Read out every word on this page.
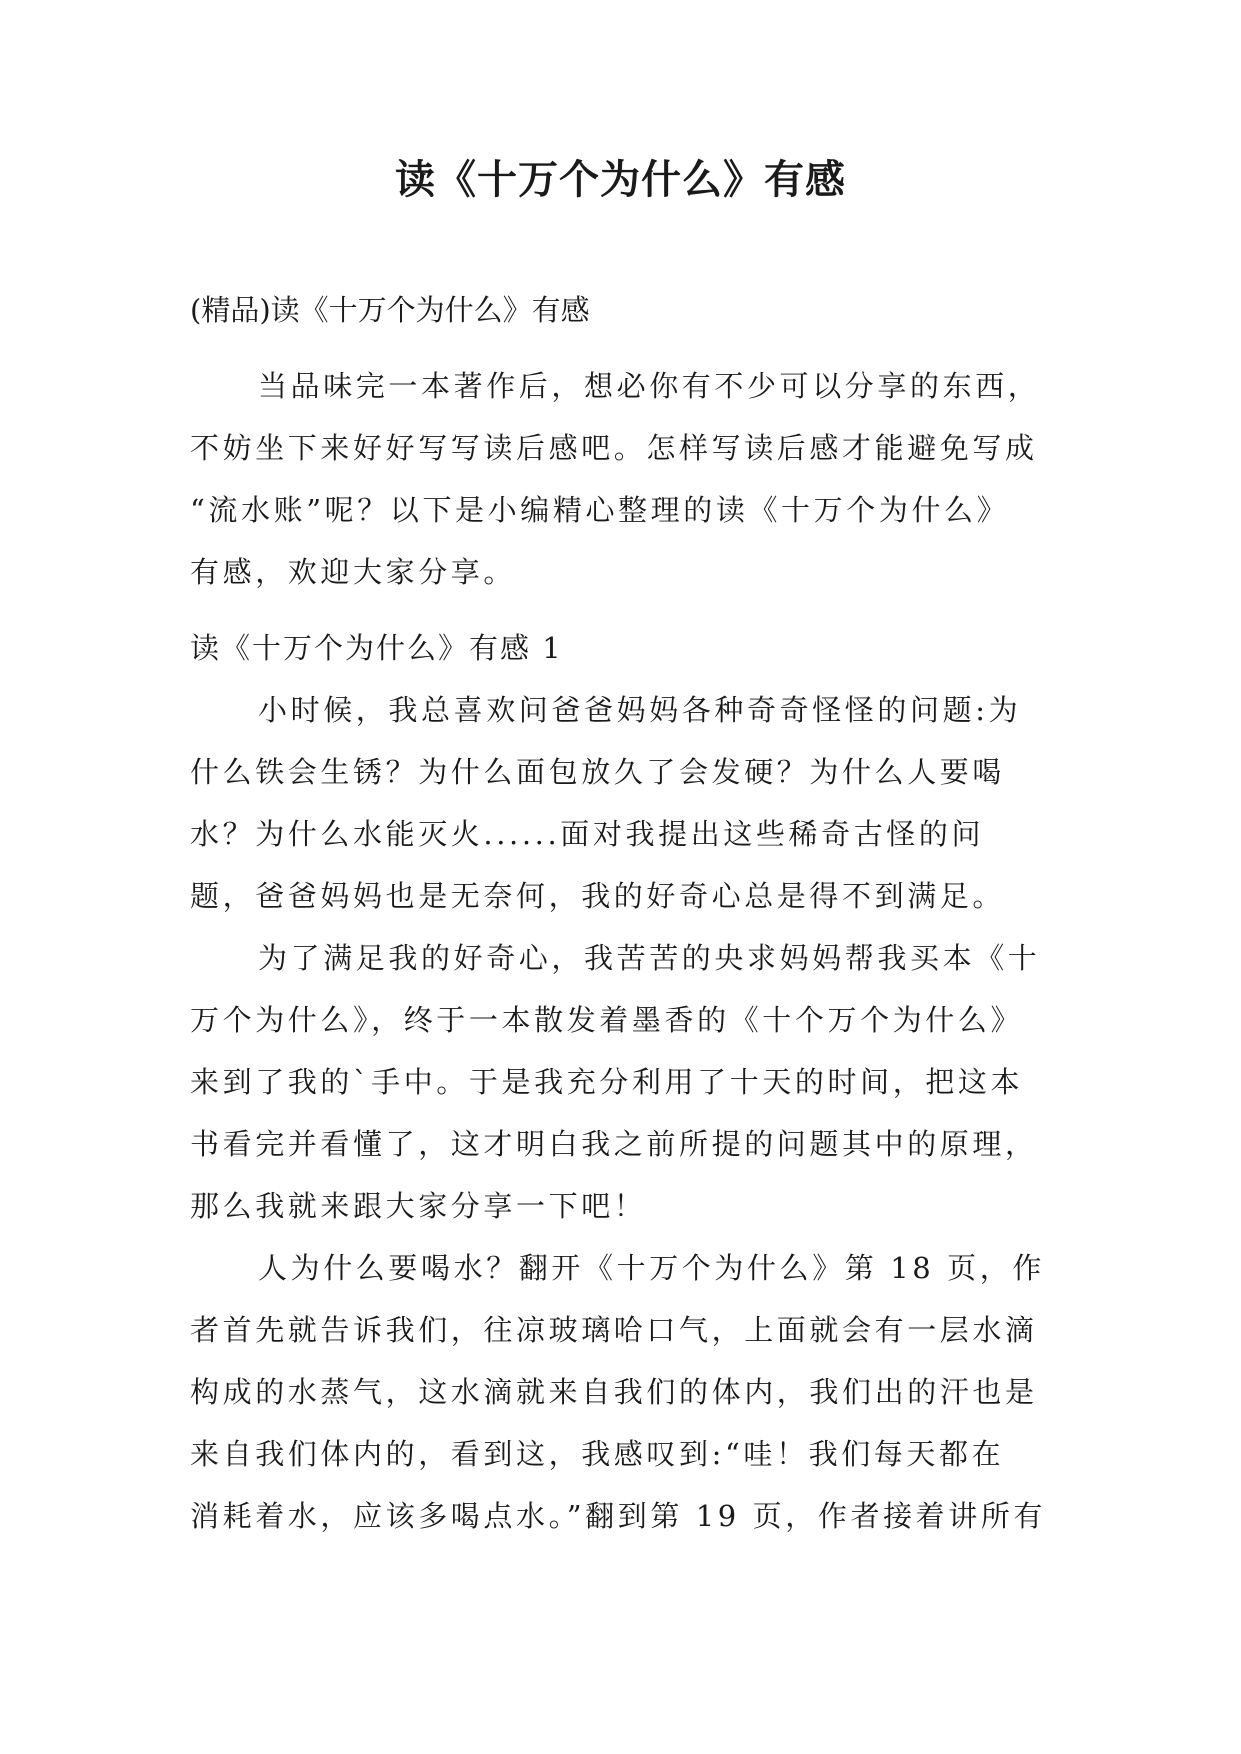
读《十万个为什么》有感

(精品)读《十万个为什么》有感

当品味完一本著作后，想必你有不少可以分享的东西，
不妨坐下来好好写写读后感吧。怎样写读后感才能避免写成
“流水账”呢？以下是小编精心整理的读《十万个为什么》
有感，欢迎大家分享。
读《十万个为什么》有感 1
小时候，我总喜欢问爸爸妈妈各种奇奇怪怪的问题:为
什么铁会生锈？为什么面包放久了会发硬？为什么人要喝
水？为什么水能灭火......面对我提出这些稀奇古怪的问
题，爸爸妈妈也是无奈何，我的好奇心总是得不到满足。
为了满足我的好奇心，我苦苦的央求妈妈帮我买本《十
万个为什么》，终于一本散发着墨香的《十个万个为什么》
来到了我的`手中。于是我充分利用了十天的时间，把这本
书看完并看懂了，这才明白我之前所提的问题其中的原理，
那么我就来跟大家分享一下吧！
人为什么要喝水？翻开《十万个为什么》第 18 页，作
者首先就告诉我们，往凉玻璃哈口气，上面就会有一层水滴
构成的水蒸气，这水滴就来自我们的体内，我们出的汗也是
来自我们体内的，看到这，我感叹到:“哇！我们每天都在
消耗着水，应该多喝点水。”翻到第 19 页，作者接着讲所有
